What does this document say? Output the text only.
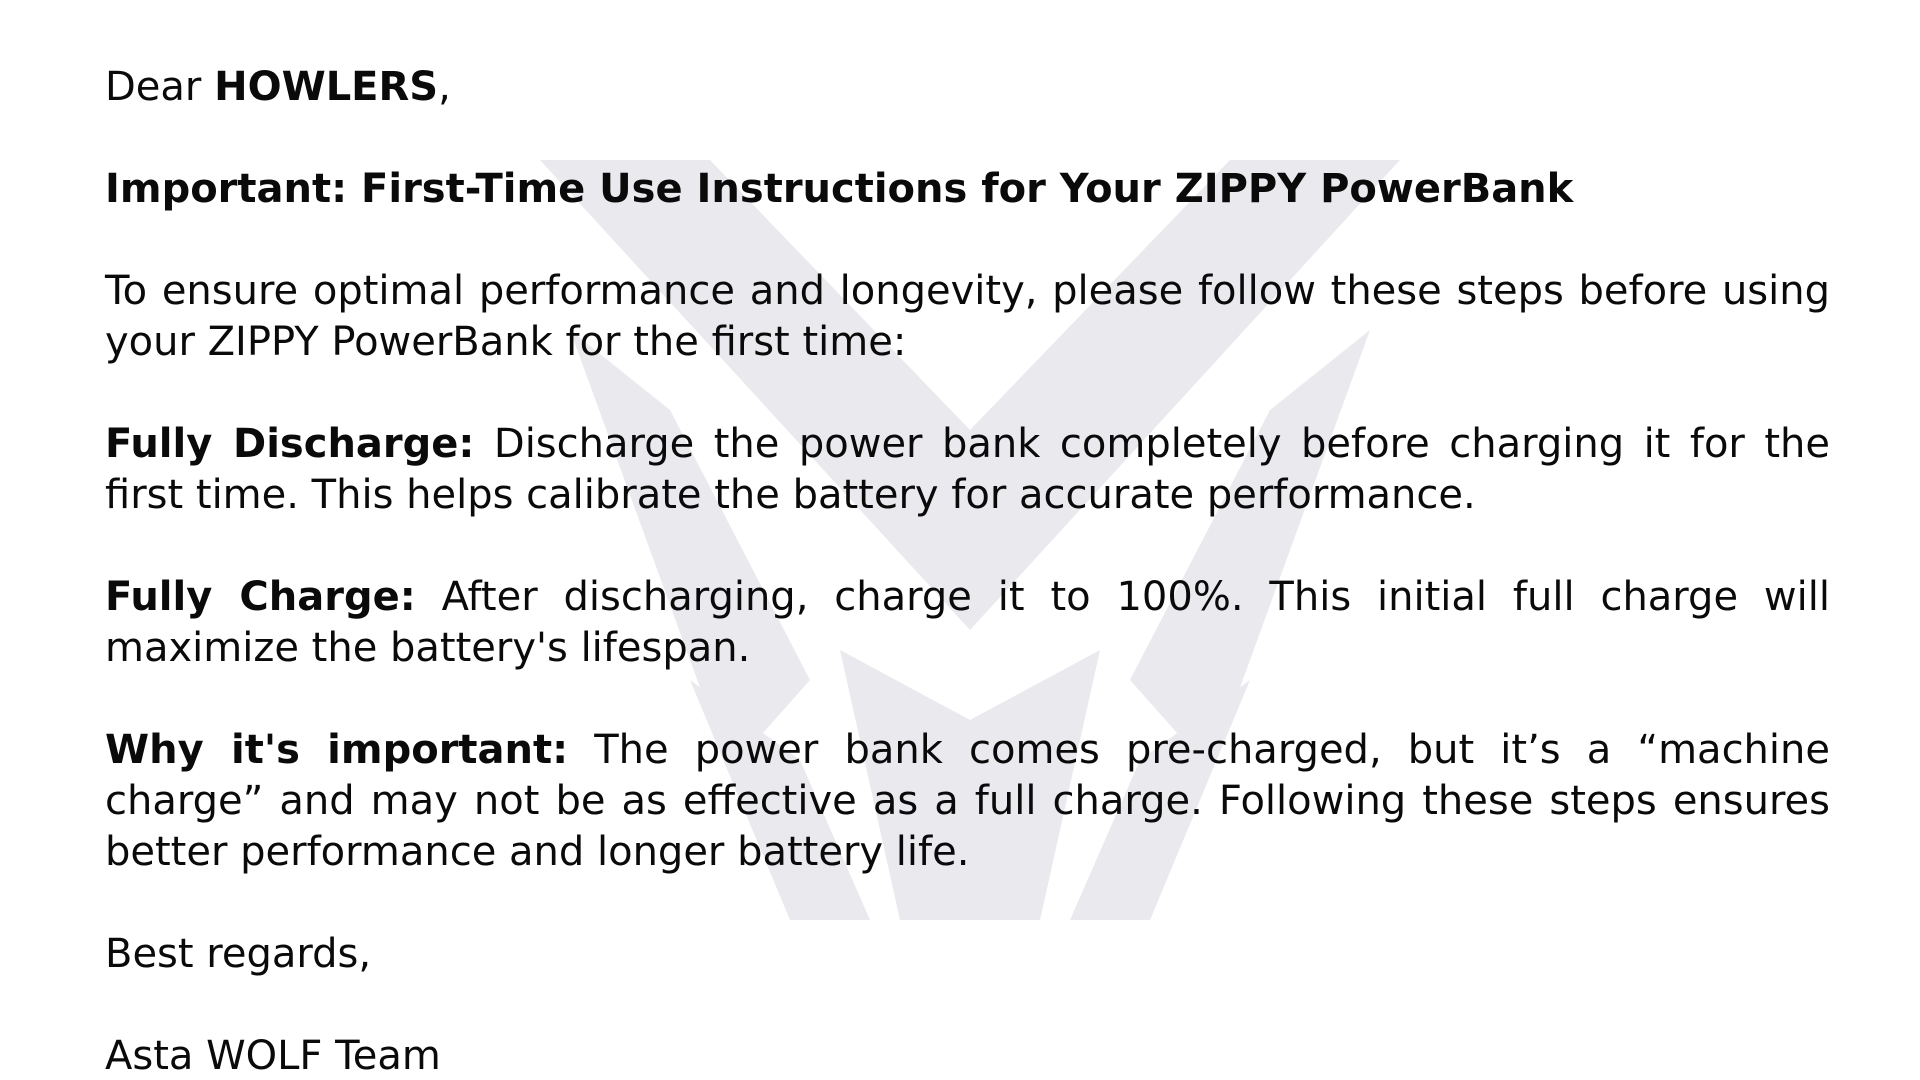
Dear HOWLERS,

Important: First-Time Use Instructions for Your ZIPPY PowerBank

To ensure optimal performance and longevity, please follow these steps before using your ZIPPY PowerBank for the first time:

Fully Discharge: Discharge the power bank completely before charging it for the first time. This helps calibrate the battery for accurate performance.

Fully Charge: After discharging, charge it to 100%. This initial full charge will maximize the battery's lifespan.

Why it's important: The power bank comes pre-charged, but it’s a “machine charge” and may not be as effective as a full charge. Following these steps ensures better performance and longer battery life.

Best regards,

Asta WOLF Team
